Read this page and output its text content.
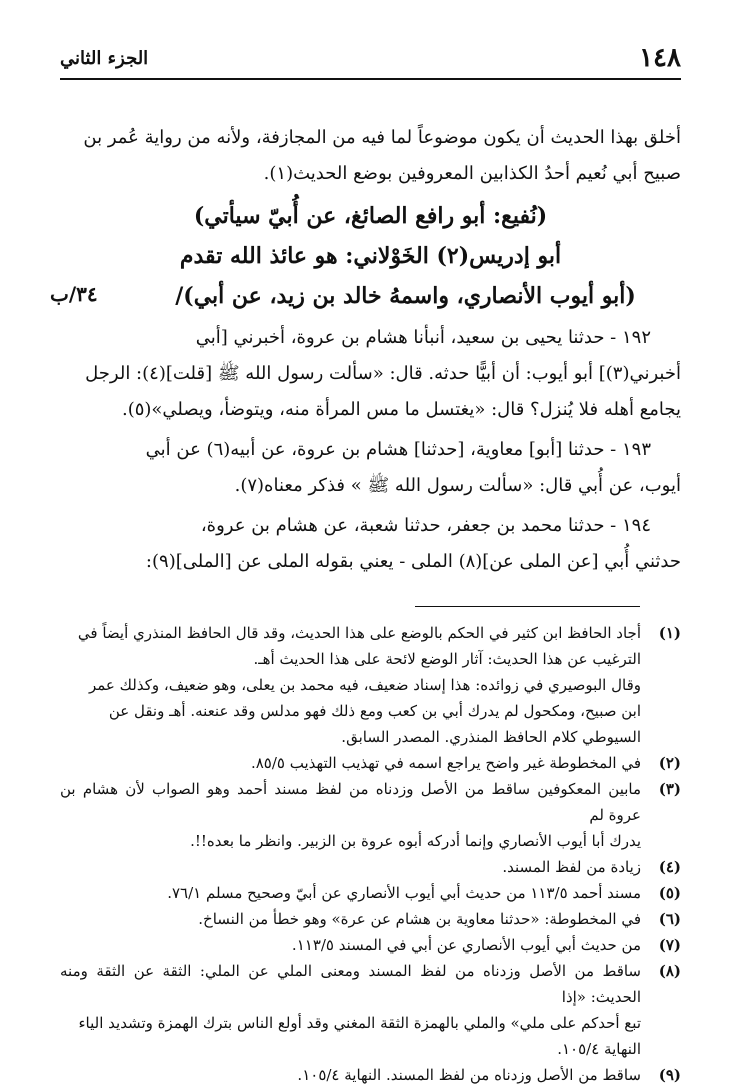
١٤٨
الجزء الثاني

أخلق بهذا الحديث أن يكون موضوعاً لما فيه من المجازفة، ولأنه من رواية عُمر بن

صبيح أبي نُعيم أحدُ الكذابين المعروفين بوضع الحديث(١).

(نُفيع: أبو رافع الصائغ، عن أُبيّ سيأتي)

أبو إدريس(٢) الخَوْلاني: هو عائذ الله تقدم

(أبو أيوب الأنصاري، واسمهُ خالد بن زيد، عن أبي)/

٣٤/ب

١٩٢ - حدثنا يحيى بن سعيد، أنبأنا هشام بن عروة، أخبرني [أبي

أخبرني(٣)] أبو أيوب: أن أبيًّا حدثه. قال: «سألت رسول الله ﷺ [قلت](٤): الرجل

يجامع أهله فلا يُنزل؟ قال: «يغتسل ما مس المرأة منه، ويتوضأ، ويصلي»(٥).

١٩٣ - حدثنا [أبو] معاوية، [حدثنا] هشام بن عروة، عن أبيه(٦) عن أبي

أيوب، عن أُبي قال: «سألت رسول الله ﷺ » فذكر معناه(٧).

١٩٤ - حدثنا محمد بن جعفر، حدثنا شعبة، عن هشام بن عروة،

حدثني أُبي [عن الملى عن](٨) الملى - يعني بقوله الملى عن [الملى](٩):

(١)
أجاد الحافظ ابن كثير في الحكم بالوضع على هذا الحديث، وقد قال الحافظ المنذري أيضاً في
الترغيب عن هذا الحديث: آثار الوضع لائحة على هذا الحديث أهـ.
وقال البوصيري في زوائده: هذا إسناد ضعيف، فيه محمد بن يعلى، وهو ضعيف، وكذلك عمر
ابن صبيح، ومكحول لم يدرك أبي بن كعب ومع ذلك فهو مدلس وقد عنعنه. أهـ ونقل عن
السيوطي كلام الحافظ المنذري. المصدر السابق.
(٢)
في المخطوطة غير واضح يراجع اسمه في تهذيب التهذيب ٨٥/٥.
(٣)
مابين المعكوفين ساقط من الأصل وزدناه من لفظ مسند أحمد وهو الصواب لأن هشام بن عروة لم
يدرك أبا أيوب الأنصاري وإنما أدركه أبوه عروة بن الزبير. وانظر ما بعده!!.
(٤)
زيادة من لفظ المسند.
(٥)
مسند أحمد ١١٣/٥ من حديث أبي أيوب الأنصاري عن أبيّ وصحيح مسلم ٧٦/١.
(٦)
في المخطوطة: «حدثنا معاوية بن هشام عن عرة» وهو خطأ من النساخ.
(٧)
من حديث أبي أيوب الأنصاري عن أبي في المسند ١١٣/٥.
(٨)
ساقط من الأصل وزدناه من لفظ المسند ومعنى الملي عن الملي: الثقة عن الثقة ومنه الحديث: «إذا
تبع أحدكم على ملي» والملي بالهمزة الثقة المغني وقد أولع الناس بترك الهمزة وتشديد الياء
النهاية ١٠٥/٤.
(٩)
ساقط من الأصل وزدناه من لفظ المسند. النهاية ١٠٥/٤.
